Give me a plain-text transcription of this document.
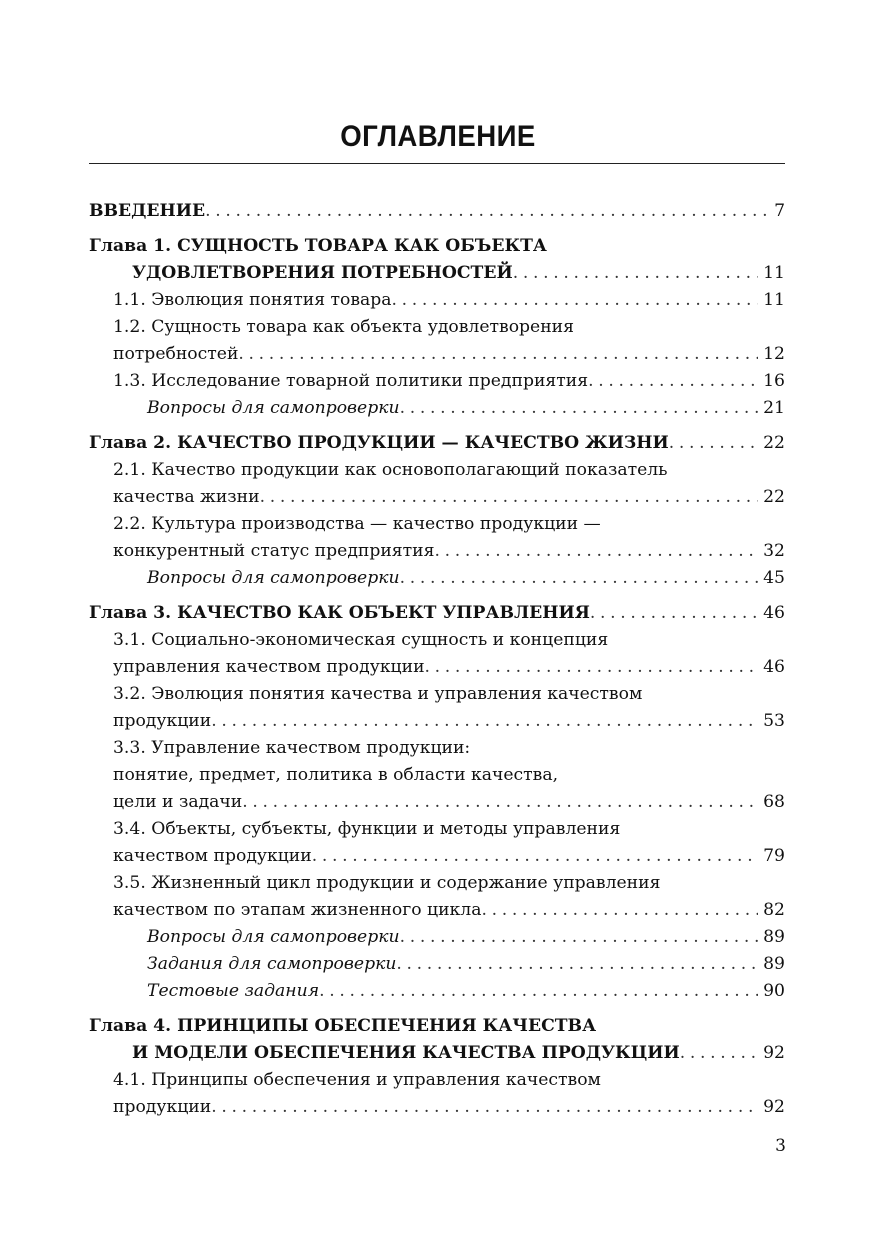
ОГЛАВЛЕНИЕ
ВВЕДЕНИЕ . . .	7
Глава 1. СУЩНОСТЬ ТОВАРА КАК ОБЪЕКТА
УДОВЛЕТВОРЕНИЯ ПОТРЕБНОСТЕЙ . . .	11
1.1. Эволюция понятия товара . . .	11
1.2. Сущность товара как объекта удовлетворения
потребностей . . .	12
1.3. Исследование товарной политики предприятия . . .	16
Вопросы для самопроверки . . .	21
Глава 2. КАЧЕСТВО ПРОДУКЦИИ — КАЧЕСТВО ЖИЗНИ . . .	22
2.1. Качество продукции как основополагающий показатель
качества жизни . . .	22
2.2. Культура производства — качество продукции —
конкурентный статус предприятия . . .	32
Вопросы для самопроверки . . .	45
Глава 3. КАЧЕСТВО КАК ОБЪЕКТ УПРАВЛЕНИЯ . . .	46
3.1. Социально-экономическая сущность и концепция
управления качеством продукции . . .	46
3.2. Эволюция понятия качества и управления качеством
продукции . . .	53
3.3. Управление качеством продукции:
понятие, предмет, политика в области качества,
цели и задачи . . .	68
3.4. Объекты, субъекты, функции и методы управления
качеством продукции . . .	79
3.5. Жизненный цикл продукции и содержание управления
качеством по этапам жизненного цикла . . .	82
Вопросы для самопроверки . . .	89
Задания для самопроверки . . .	89
Тестовые задания . . .	90
Глава 4. ПРИНЦИПЫ ОБЕСПЕЧЕНИЯ КАЧЕСТВА
И МОДЕЛИ ОБЕСПЕЧЕНИЯ КАЧЕСТВА ПРОДУКЦИИ . . .	92
4.1. Принципы обеспечения и управления качеством
продукции . . .	92
3
